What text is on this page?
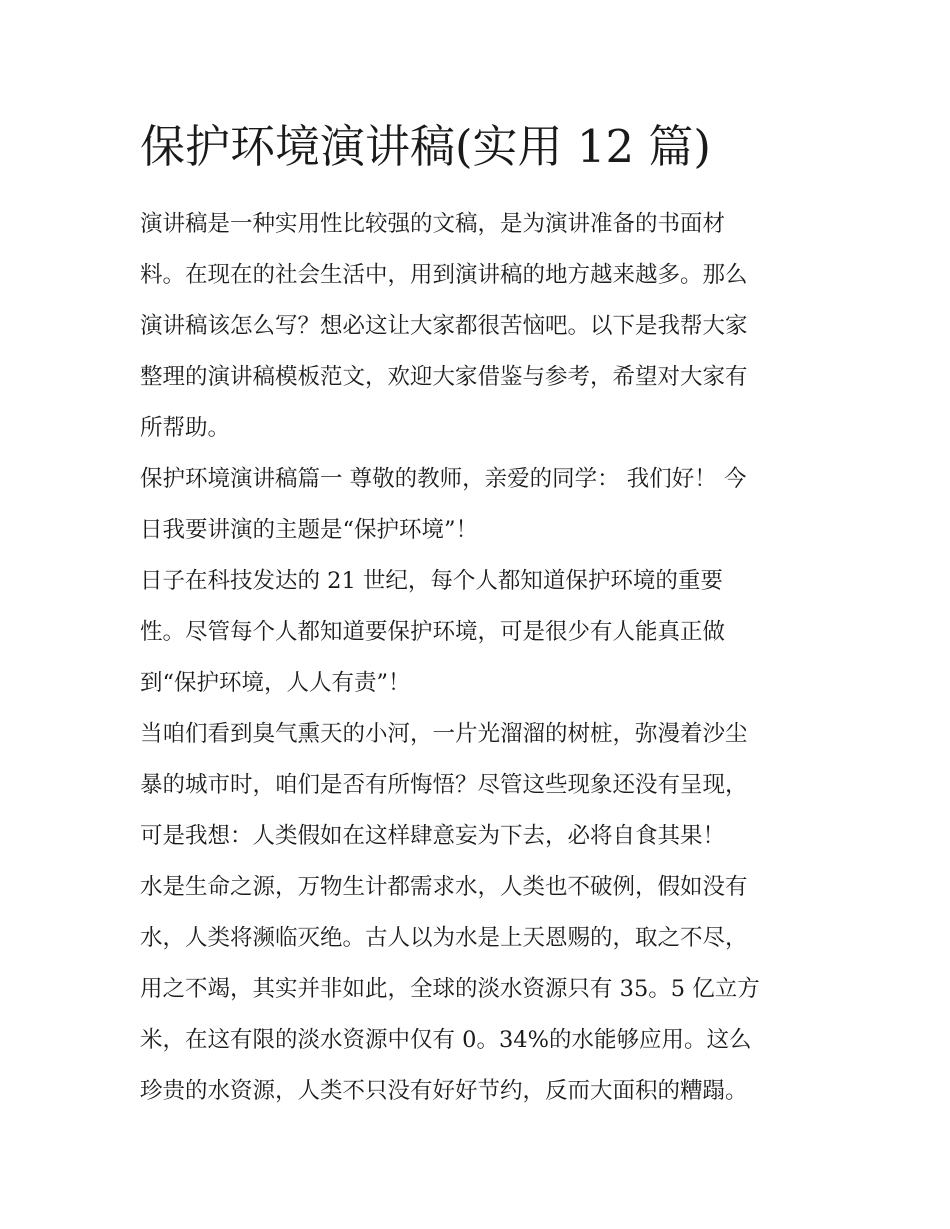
保护环境演讲稿(实用 12 篇)
演讲稿是一种实用性比较强的文稿，是为演讲准备的书面材
料。在现在的社会生活中，用到演讲稿的地方越来越多。那么
演讲稿该怎么写？想必这让大家都很苦恼吧。以下是我帮大家
整理的演讲稿模板范文，欢迎大家借鉴与参考，希望对大家有
所帮助。
保护环境演讲稿篇一 尊敬的教师，亲爱的同学： 我们好！ 今
日我要讲演的主题是“保护环境”！
日子在科技发达的 21 世纪，每个人都知道保护环境的重要
性。尽管每个人都知道要保护环境，可是很少有人能真正做
到“保护环境，人人有责”！
当咱们看到臭气熏天的小河，一片光溜溜的树桩，弥漫着沙尘
暴的城市时，咱们是否有所悔悟？尽管这些现象还没有呈现，
可是我想：人类假如在这样肆意妄为下去，必将自食其果！
水是生命之源，万物生计都需求水，人类也不破例，假如没有
水，人类将濒临灭绝。古人以为水是上天恩赐的，取之不尽，
用之不竭，其实并非如此，全球的淡水资源只有 35。5 亿立方
米，在这有限的淡水资源中仅有 0。34%的水能够应用。这么
珍贵的水资源，人类不只没有好好节约，反而大面积的糟蹋。
